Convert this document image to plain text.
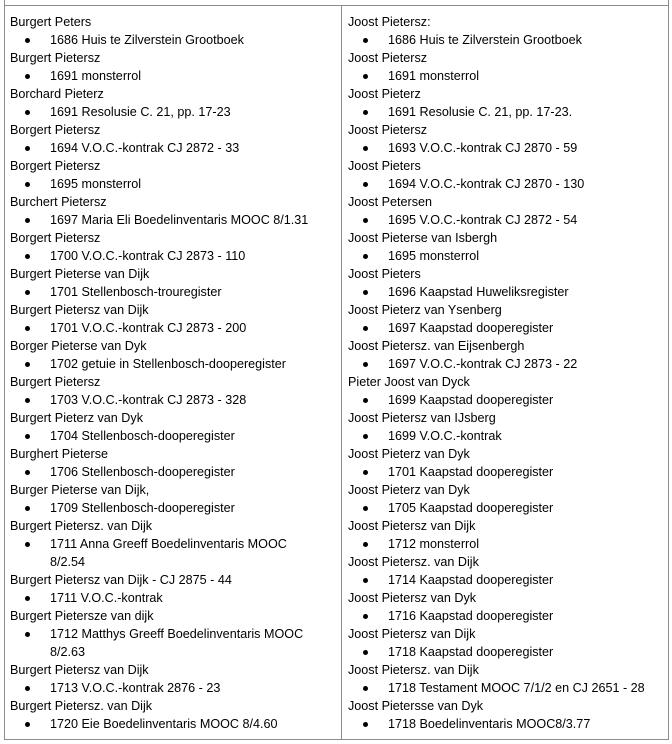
Burgert Peters
1686 Huis te Zilverstein Grootboek
Burgert Pietersz
1691 monsterrol
Borchard Pieterz
1691 Resolusie C. 21, pp. 17-23
Borgert Pietersz
1694 V.O.C.-kontrak CJ 2872 - 33
Borgert Pietersz
1695 monsterrol
Burchert Pietersz
1697 Maria Eli Boedelinventaris MOOC 8/1.31
Borgert Pietersz
1700 V.O.C.-kontrak CJ 2873 - 110
Burgert Pieterse van Dijk
1701 Stellenbosch-trouregister
Burgert Pietersz van Dijk
1701 V.O.C.-kontrak CJ 2873 - 200
Borger Pieterse van Dyk
1702 getuie in Stellenbosch-dooperegister
Burgert Pietersz
1703 V.O.C.-kontrak CJ 2873 - 328
Burgert Pieterz van Dyk
1704 Stellenbosch-dooperegister
Burghert Pieterse
1706 Stellenbosch-dooperegister
Burger Pieterse van Dijk,
1709 Stellenbosch-dooperegister
Burgert Pietersz. van Dijk
1711 Anna Greeff Boedelinventaris MOOC 8/2.54
Burgert Pietersz van Dijk - CJ 2875 - 44
1711 V.O.C.-kontrak
Burgert Pieterszе van dijk
1712 Matthys Greeff Boedelinventaris MOOC 8/2.63
Burgert Pietersz van Dijk
1713 V.O.C.-kontrak 2876 - 23
Burgert Pietersz. van Dijk
1720 Eie Boedelinventaris MOOC 8/4.60
Joost Pietersz:
1686 Huis te Zilverstein Grootboek
Joost Pietersz
1691 monsterrol
Joost Pieterz
1691 Resolusie C. 21, pp. 17-23.
Joost Pietersz
1693 V.O.C.-kontrak CJ 2870 - 59
Joost Pieters
1694 V.O.C.-kontrak CJ 2870 - 130
Joost Petersen
1695 V.O.C.-kontrak CJ 2872 - 54
Joost Pieterse van Isbergh
1695 monsterrol
Joost Pieters
1696 Kaapstad Huweliksregister
Joost Pieterz van Ysenberg
1697 Kaapstad dooperegister
Joost Pietersz. van Eijsenbergh
1697 V.O.C.-kontrak CJ 2873 - 22
Pieter Joost van Dyck
1699 Kaapstad dooperegister
Joost Pietersz van IJsberg
1699 V.O.C.-kontrak
Joost Pieterz van Dyk
1701 Kaapstad dooperegister
Joost Pieterz van Dyk
1705 Kaapstad dooperegister
Joost Pietersz van Dijk
1712 monsterrol
Joost Pietersz. van Dijk
1714 Kaapstad dooperegister
Joost Pietersz van Dyk
1716 Kaapstad dooperegister
Joost Pietersz van Dijk
1718 Kaapstad dooperegister
Joost Pietersz. van Dijk
1718 Testament MOOC 7/1/2 en CJ 2651 - 28
Joost Pietersse van Dyk
1718 Boedelinventaris MOOC8/3.77
